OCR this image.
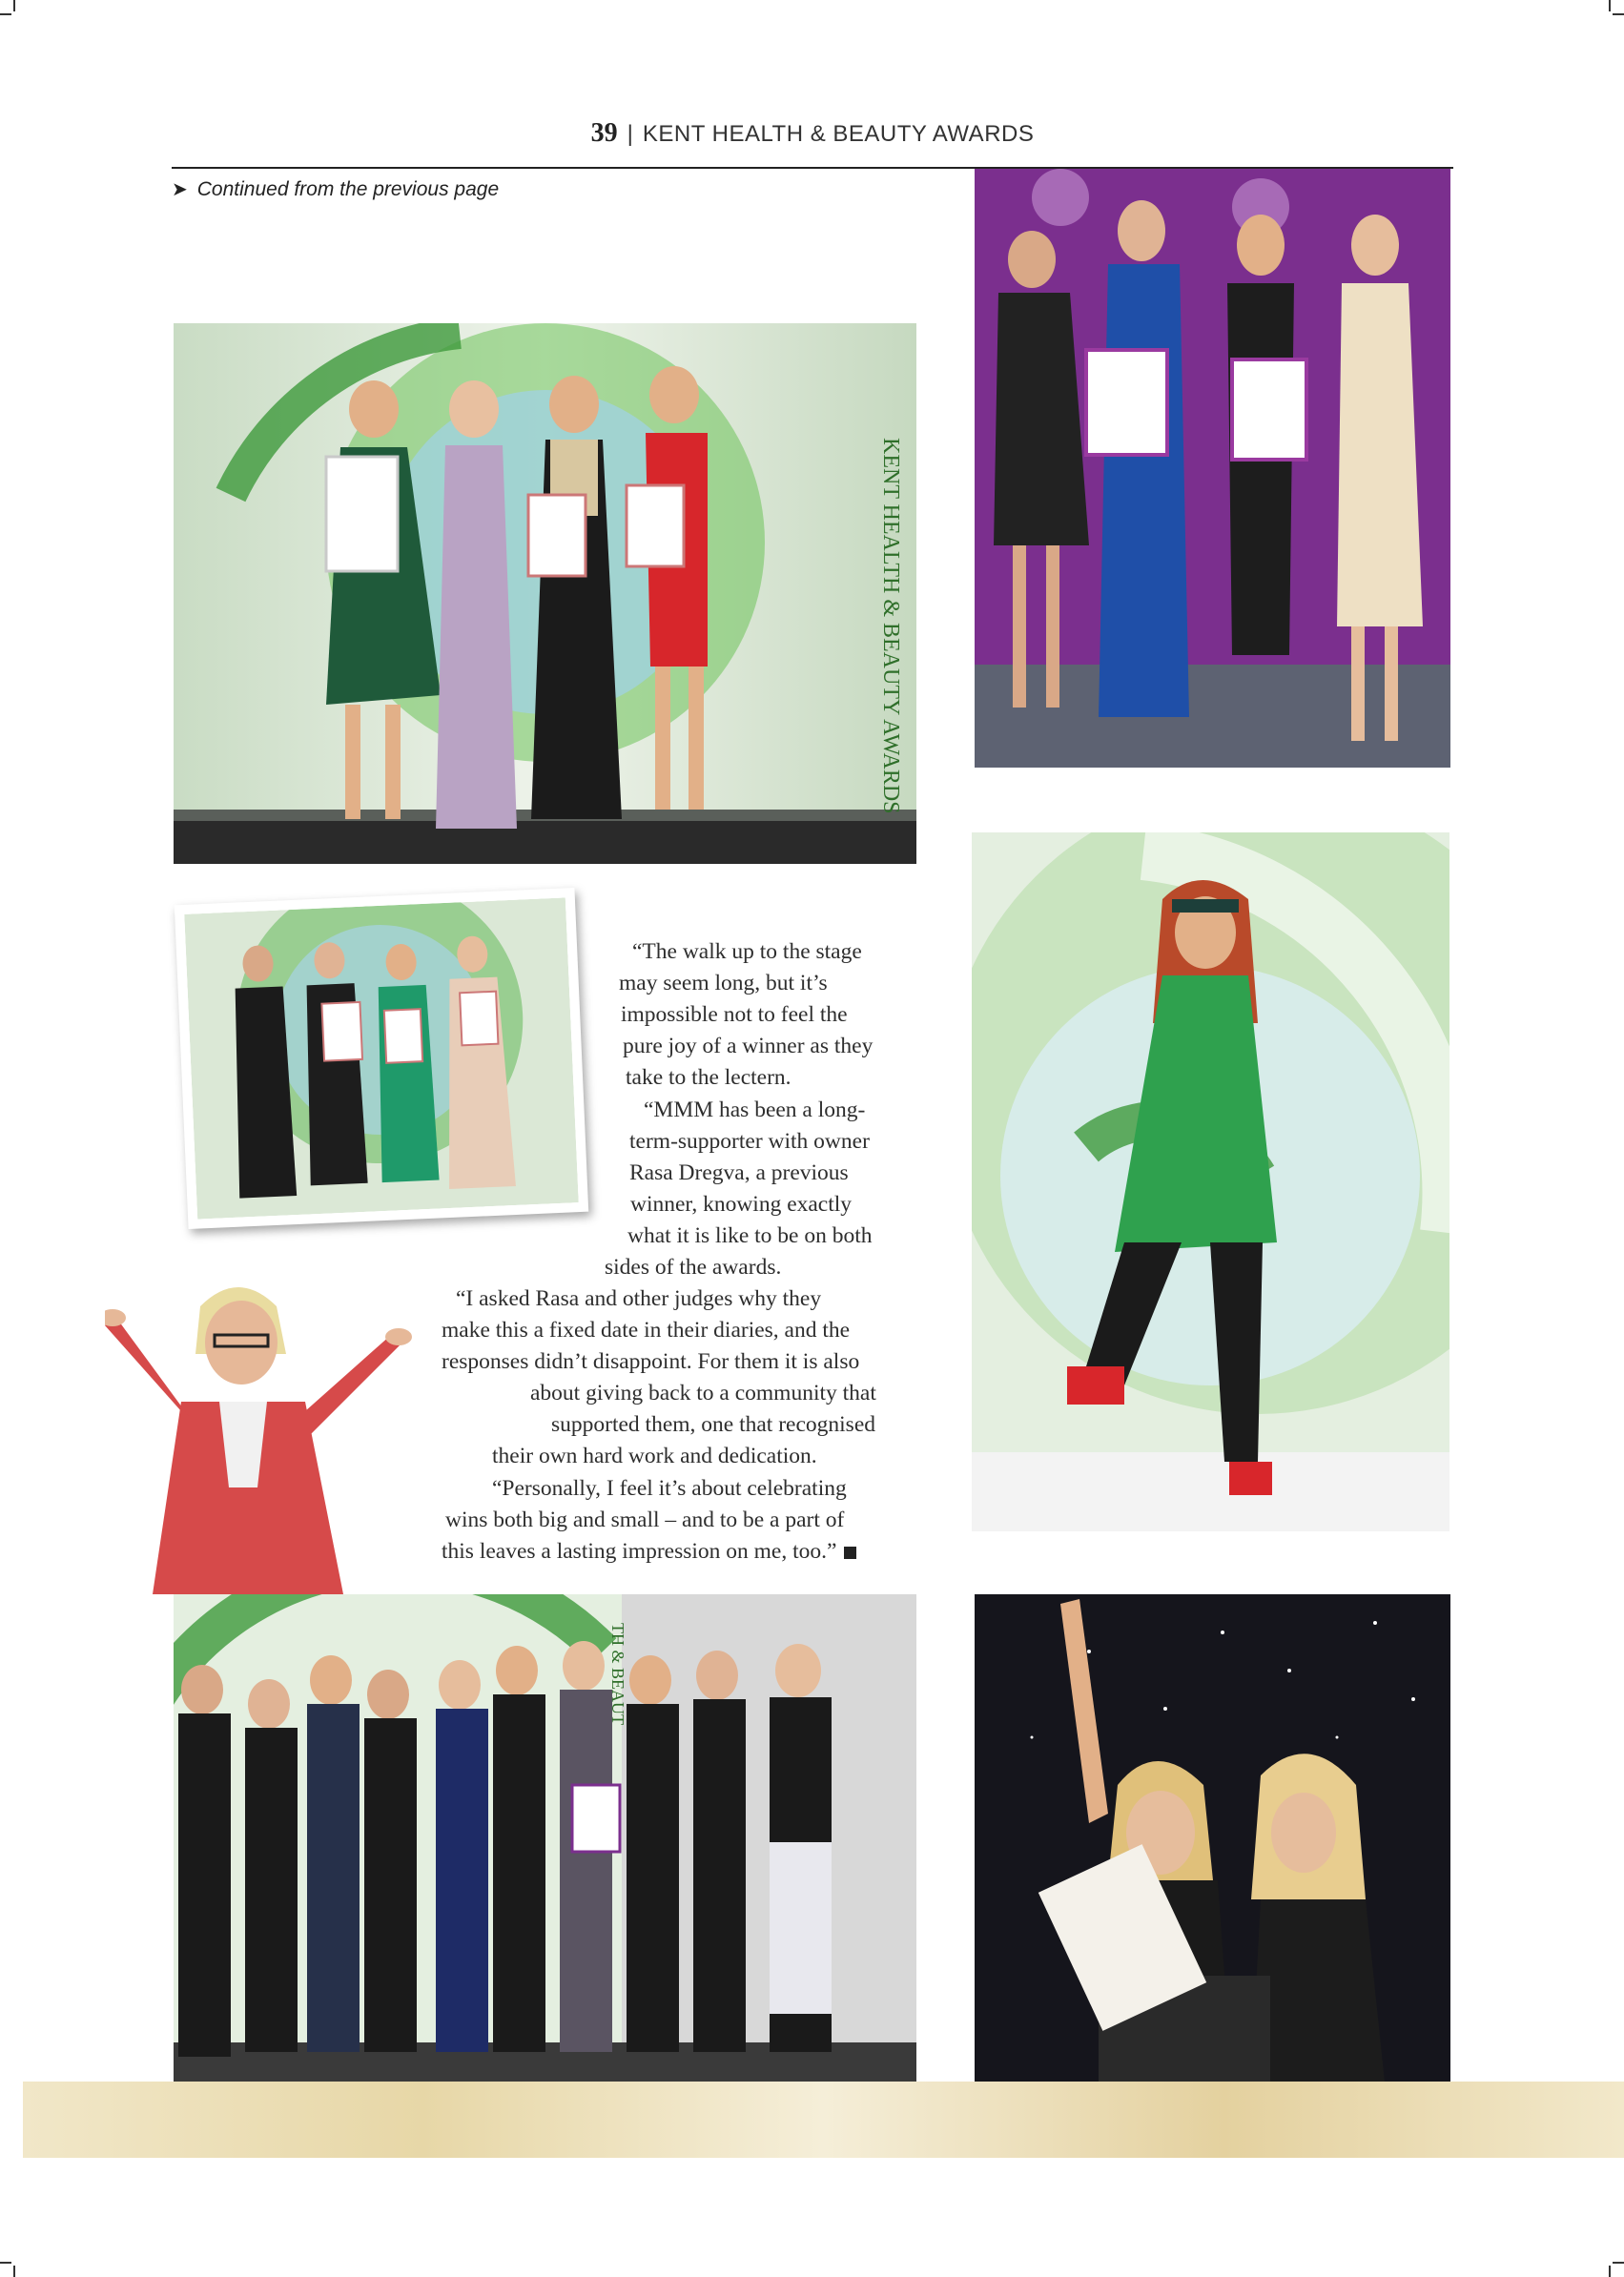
39 | KENT HEALTH & BEAUTY AWARDS
➤ Continued from the previous page
KENT HEALTH & BEAUTY AWARDS
“The walk up to the stage
may seem long, but it’s
impossible not to feel the
pure joy of a winner as they
take to the lectern.
“MMM has been a long-
term-supporter with owner
Rasa Dregva, a previous
winner, knowing exactly
what it is like to be on both
sides of the awards.
“I asked Rasa and other judges why they
make this a fixed date in their diaries, and the
responses didn’t disappoint. For them it is also
about giving back to a community that
supported them, one that recognised
their own hard work and dedication.
“Personally, I feel it’s about celebrating
wins both big and small – and to be a part of
this leaves a lasting impression on me, too.”
TH & BEAUT
